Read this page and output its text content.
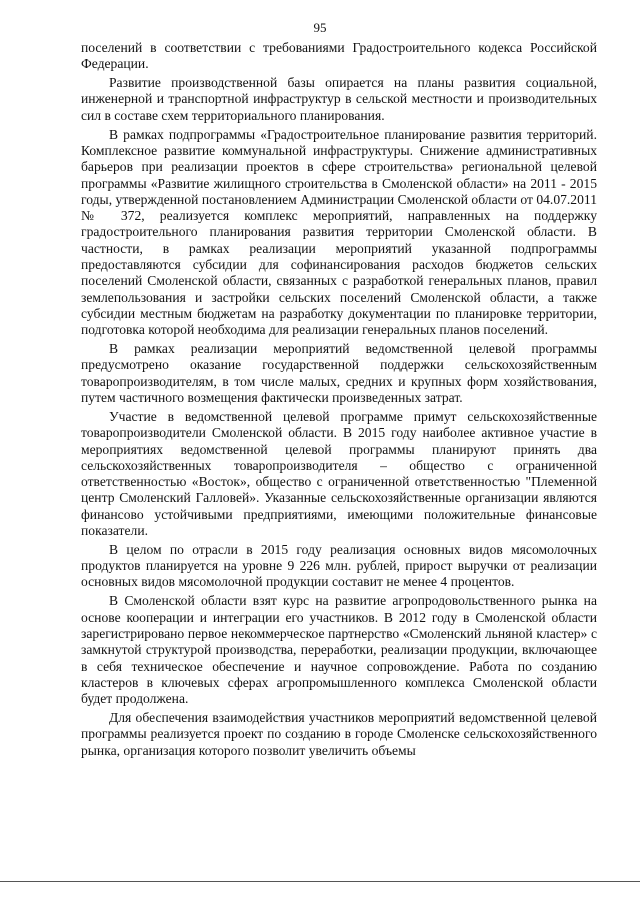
95

поселений в соответствии с требованиями Градостроительного кодекса Российской Федерации.

Развитие производственной базы опирается на планы развития социальной, инженерной и транспортной инфраструктур в сельской местности и производительных сил в составе схем территориального планирования.

В рамках подпрограммы «Градостроительное планирование развития территорий. Комплексное развитие коммунальной инфраструктуры. Снижение административных барьеров при реализации проектов в сфере строительства» региональной целевой программы «Развитие жилищного строительства в Смоленской области» на 2011 - 2015 годы, утвержденной постановлением Администрации Смоленской области от 04.07.2011 № 372, реализуется комплекс мероприятий, направленных на поддержку градостроительного планирования развития территории Смоленской области. В частности, в рамках реализации мероприятий указанной подпрограммы предоставляются субсидии для софинансирования расходов бюджетов сельских поселений Смоленской области, связанных с разработкой генеральных планов, правил землепользования и застройки сельских поселений Смоленской области, а также субсидии местным бюджетам на разработку документации по планировке территории, подготовка которой необходима для реализации генеральных планов поселений.

В рамках реализации мероприятий ведомственной целевой программы предусмотрено оказание государственной поддержки сельскохозяйственным товаропроизводителям, в том числе малых, средних и крупных форм хозяйствования, путем частичного возмещения фактически произведенных затрат.

Участие в ведомственной целевой программе примут сельскохозяйственные товаропроизводители Смоленской области. В 2015 году наиболее активное участие в мероприятиях ведомственной целевой программы планируют принять два сельскохозяйственных товаропроизводителя – общество с ограниченной ответственностью «Восток», общество с ограниченной ответственностью "Племенной центр Смоленский Галловей». Указанные сельскохозяйственные организации являются финансово устойчивыми предприятиями, имеющими положительные финансовые показатели.

В целом по отрасли в 2015 году реализация основных видов мясомолочных продуктов планируется на уровне 9 226 млн. рублей, прирост выручки от реализации основных видов мясомолочной продукции составит не менее 4 процентов.

В Смоленской области взят курс на развитие агропродовольственного рынка на основе кооперации и интеграции его участников. В 2012 году в Смоленской области зарегистрировано первое некоммерческое партнерство «Смоленский льняной кластер» с замкнутой структурой производства, переработки, реализации продукции, включающее в себя техническое обеспечение и научное сопровождение. Работа по созданию кластеров в ключевых сферах агропромышленного комплекса Смоленской области будет продолжена.

Для обеспечения взаимодействия участников мероприятий ведомственной целевой программы реализуется проект по созданию в городе Смоленске сельскохозяйственного рынка, организация которого позволит увеличить объемы
